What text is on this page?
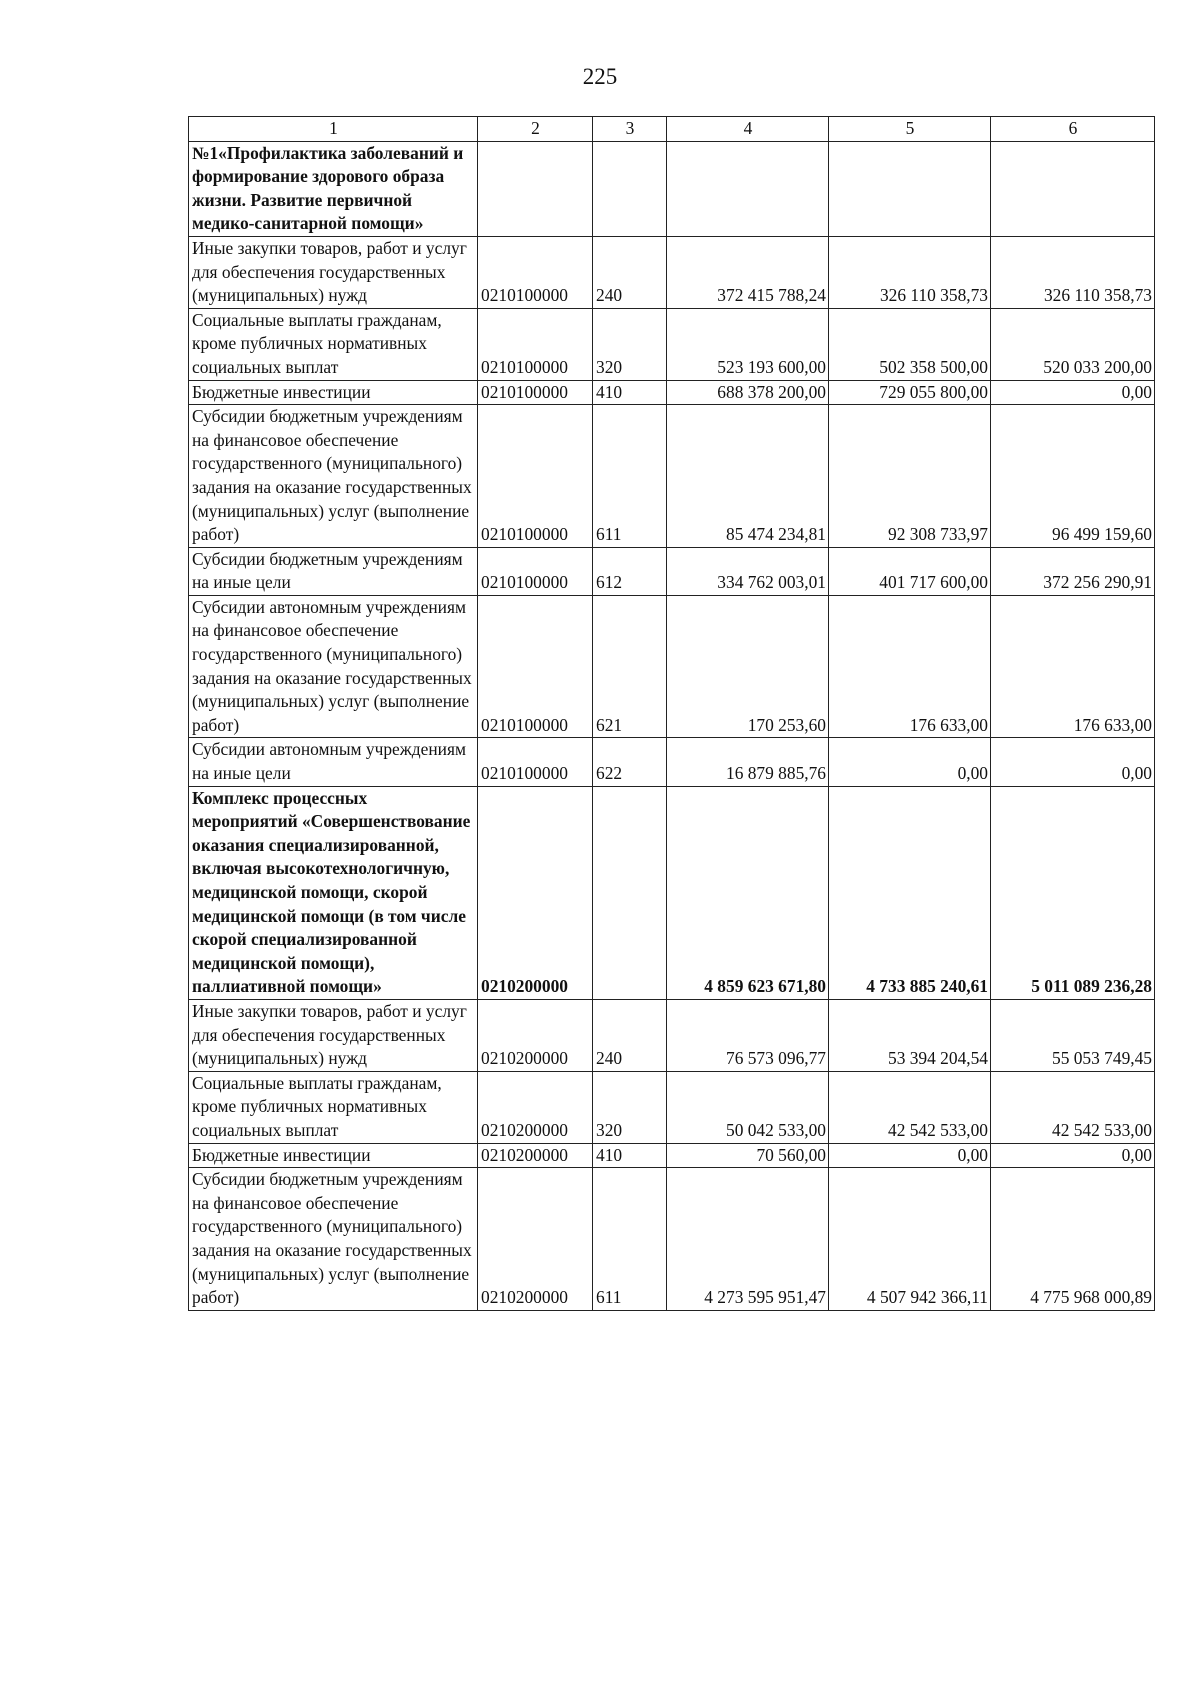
225
1	2	3	4	5	6
№1«Профилактика заболеваний и формирование здорового образа жизни. Развитие первичной медико-санитарной помощи»					
Иные закупки товаров, работ и услуг для обеспечения государственных (муниципальных) нужд	0210100000	240	372 415 788,24	326 110 358,73	326 110 358,73
Социальные выплаты гражданам, кроме публичных нормативных социальных выплат	0210100000	320	523 193 600,00	502 358 500,00	520 033 200,00
Бюджетные инвестиции	0210100000	410	688 378 200,00	729 055 800,00	0,00
Субсидии бюджетным учреждениям на финансовое обеспечение государственного (муниципального) задания на оказание государственных (муниципальных) услуг (выполнение работ)	0210100000	611	85 474 234,81	92 308 733,97	96 499 159,60
Субсидии бюджетным учреждениям на иные цели	0210100000	612	334 762 003,01	401 717 600,00	372 256 290,91
Субсидии автономным учреждениям на финансовое обеспечение государственного (муниципального) задания на оказание государственных (муниципальных) услуг (выполнение работ)	0210100000	621	170 253,60	176 633,00	176 633,00
Субсидии автономным учреждениям на иные цели	0210100000	622	16 879 885,76	0,00	0,00
Комплекс процессных мероприятий «Совершенствование оказания специализированной, включая высокотехнологичную, медицинской помощи, скорой медицинской помощи (в том числе скорой специализированной медицинской помощи), паллиативной помощи»	0210200000		4 859 623 671,80	4 733 885 240,61	5 011 089 236,28
Иные закупки товаров, работ и услуг для обеспечения государственных (муниципальных) нужд	0210200000	240	76 573 096,77	53 394 204,54	55 053 749,45
Социальные выплаты гражданам, кроме публичных нормативных социальных выплат	0210200000	320	50 042 533,00	42 542 533,00	42 542 533,00
Бюджетные инвестиции	0210200000	410	70 560,00	0,00	0,00
Субсидии бюджетным учреждениям на финансовое обеспечение государственного (муниципального) задания на оказание государственных (муниципальных) услуг (выполнение работ)	0210200000	611	4 273 595 951,47	4 507 942 366,11	4 775 968 000,89
